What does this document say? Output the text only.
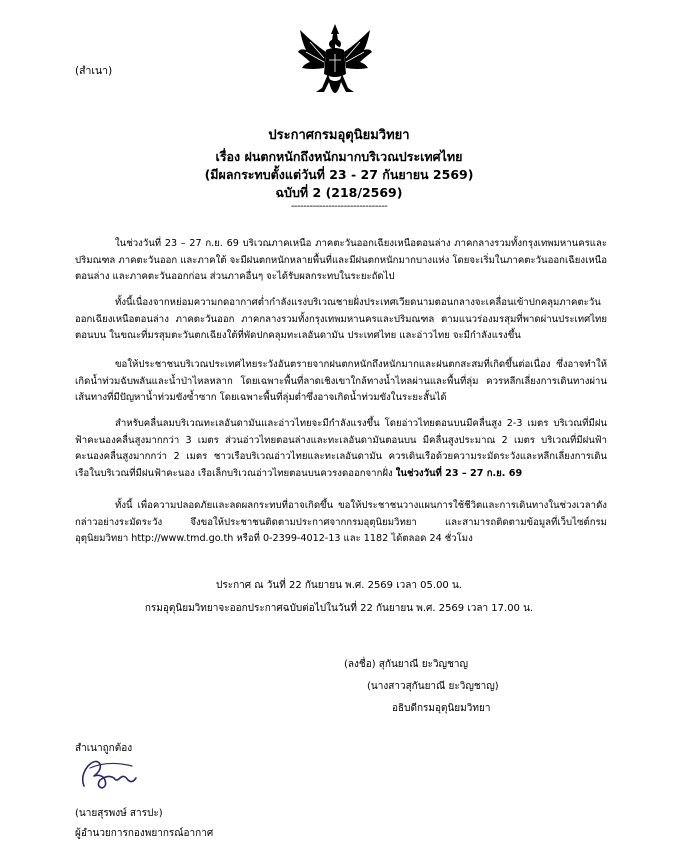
(สำเนา)
ประกาศกรมอุตุนิยมวิทยา
เรื่อง ฝนตกหนักถึงหนักมากบริเวณประเทศไทย
(มีผลกระทบตั้งแต่วันที่ 23 - 27 กันยายน 2569)
ฉบับที่ 2 (218/2569)
-------------------------------
ในช่วงวันที่ 23 – 27 ก.ย. 69 บริเวณภาคเหนือ ภาคตะวันออกเฉียงเหนือตอนล่าง ภาคกลางรวมทั้งกรุงเทพมหานครและปริมณฑล ภาคตะวันออก และภาคใต้ จะมีฝนตกหนักหลายพื้นที่และมีฝนตกหนักมากบางแห่ง โดยจะเริ่มในภาคตะวันออกเฉียงเหนือตอนล่าง และภาคตะวันออกก่อน ส่วนภาคอื่นๆ จะได้รับผลกระทบในระยะถัดไป
ทั้งนี้เนื่องจากหย่อมความกดอากาศต่ำกำลังแรงบริเวณชายฝั่งประเทศเวียดนามตอนกลางจะเคลื่อนเข้าปกคลุมภาคตะวันออกเฉียงเหนือตอนล่าง ภาคตะวันออก ภาคกลางรวมทั้งกรุงเทพมหานครและปริมณฑล ตามแนวร่องมรสุมที่พาดผ่านประเทศไทยตอนบน ในขณะที่มรสุมตะวันตกเฉียงใต้ที่พัดปกคลุมทะเลอันดามัน ประเทศไทย และอ่าวไทย จะมีกำลังแรงขึ้น
ขอให้ประชาชนบริเวณประเทศไทยระวังอันตรายจากฝนตกหนักถึงหนักมากและฝนตกสะสมที่เกิดขึ้นต่อเนื่อง ซึ่งอาจทำให้เกิดน้ำท่วมฉับพลันและน้ำป่าไหลหลาก โดยเฉพาะพื้นที่ลาดเชิงเขาใกล้ทางน้ำไหลผ่านและพื้นที่ลุ่ม ควรหลีกเลี่ยงการเดินทางผ่านเส้นทางที่มีปัญหาน้ำท่วมขังซ้ำซาก โดยเฉพาะพื้นที่ลุ่มต่ำซึ่งอาจเกิดน้ำท่วมขังในระยะสั้นได้
สำหรับคลื่นลมบริเวณทะเลอันดามันและอ่าวไทยจะมีกำลังแรงขึ้น โดยอ่าวไทยตอนบนมีคลื่นสูง 2-3 เมตร บริเวณที่มีฝนฟ้าคะนองคลื่นสูงมากกว่า 3 เมตร ส่วนอ่าวไทยตอนล่างและทะเลอันดามันตอนบน มีคลื่นสูงประมาณ 2 เมตร บริเวณที่มีฝนฟ้าคะนองคลื่นสูงมากกว่า 2 เมตร ชาวเรือบริเวณอ่าวไทยและทะเลอันดามัน ควรเดินเรือด้วยความระมัดระวังและหลีกเลี่ยงการเดินเรือในบริเวณที่มีฝนฟ้าคะนอง เรือเล็กบริเวณอ่าวไทยตอนบนควรงดออกจากฝั่ง ในช่วงวันที่ 23 – 27 ก.ย. 69
ทั้งนี้ เพื่อความปลอดภัยและลดผลกระทบที่อาจเกิดขึ้น ขอให้ประชาชนวางแผนการใช้ชีวิตและการเดินทางในช่วงเวลาดังกล่าวอย่างระมัดระวัง จึงขอให้ประชาชนติดตามประกาศจากกรมอุตุนิยมวิทยา และสามารถติดตามข้อมูลที่เว็บไซต์กรมอุตุนิยมวิทยา http://www.tmd.go.th หรือที่ 0-2399-4012-13 และ 1182 ได้ตลอด 24 ชั่วโมง
ประกาศ ณ วันที่ 22 กันยายน พ.ศ. 2569 เวลา 05.00 น.
กรมอุตุนิยมวิทยาจะออกประกาศฉบับต่อไปในวันที่ 22 กันยายน พ.ศ. 2569 เวลา 17.00 น.
(ลงชื่อ) สุกันยาณี ยะวิญชาญ
(นางสาวสุกันยาณี ยะวิญชาญ)
อธิบดีกรมอุตุนิยมวิทยา
สำเนาถูกต้อง
(นายสุรพงษ์ สารปะ)
ผู้อำนวยการกองพยากรณ์อากาศ
